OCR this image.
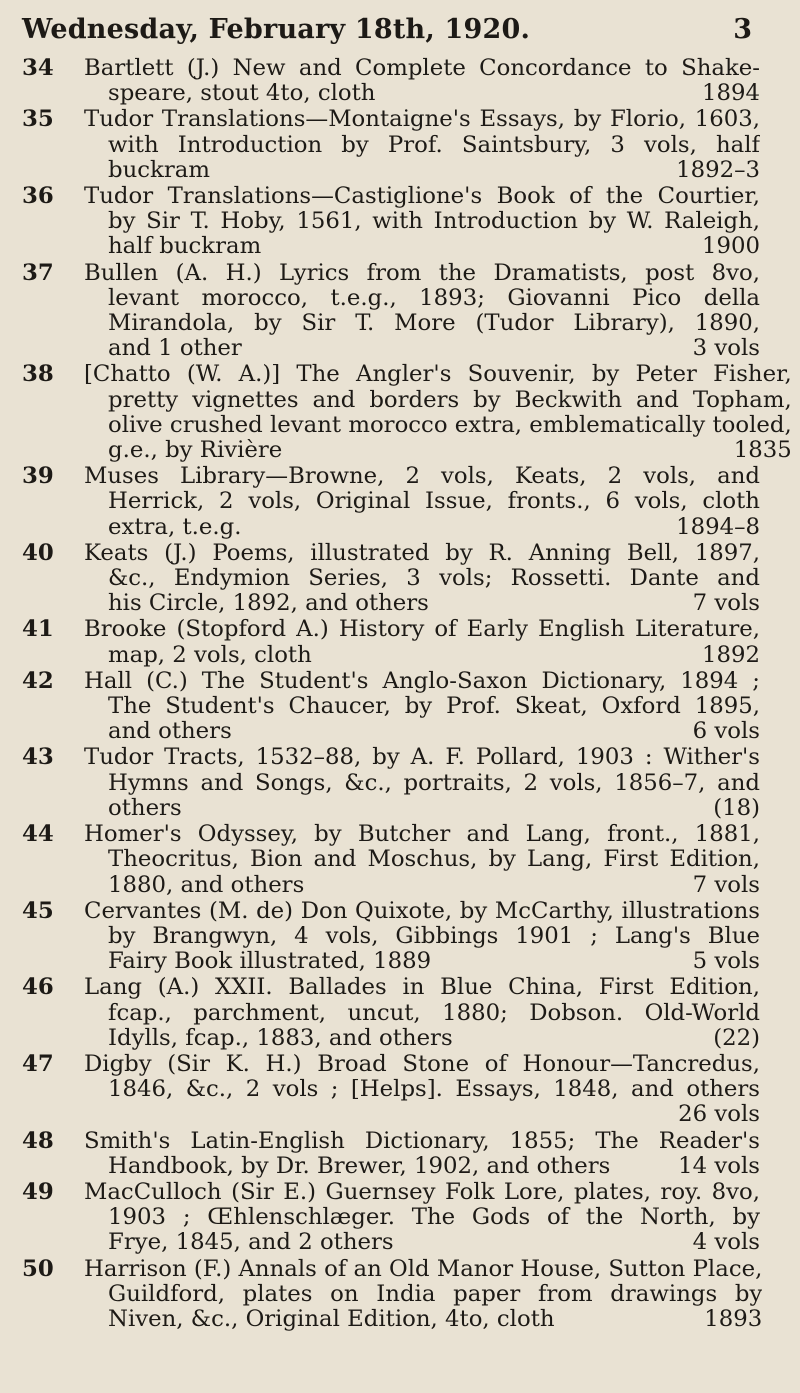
Wednesday, February 18th, 1920.	3
34	Bartlett (J.) New and Complete Concordance to Shake-
speare, stout 4to, cloth	1894
35	Tudor Translations—Montaigne's Essays, by Florio, 1603,
with Introduction by Prof. Saintsbury, 3 vols, half
buckram	1892–3
36	Tudor Translations—Castiglione's Book of the Courtier,
by Sir T. Hoby, 1561, with Introduction by W. Raleigh,
half buckram	1900
37	Bullen (A. H.) Lyrics from the Dramatists, post 8vo,
levant morocco, t.e.g., 1893; Giovanni Pico della
Mirandola, by Sir T. More (Tudor Library), 1890,
and 1 other	3 vols
38	[Chatto (W. A.)] The Angler's Souvenir, by Peter Fisher,
pretty vignettes and borders by Beckwith and Topham,
olive crushed levant morocco extra, emblematically tooled,
g.e., by Rivière	1835
39	Muses Library—Browne, 2 vols, Keats, 2 vols, and
Herrick, 2 vols, Original Issue, fronts., 6 vols, cloth
extra, t.e.g.	1894–8
40	Keats (J.) Poems, illustrated by R. Anning Bell, 1897,
&c., Endymion Series, 3 vols; Rossetti. Dante and
his Circle, 1892, and others	7 vols
41	Brooke (Stopford A.) History of Early English Literature,
map, 2 vols, cloth	1892
42	Hall (C.) The Student's Anglo-Saxon Dictionary, 1894 ;
The Student's Chaucer, by Prof. Skeat, Oxford 1895,
and others	6 vols
43	Tudor Tracts, 1532–88, by A. F. Pollard, 1903 : Wither's
Hymns and Songs, &c., portraits, 2 vols, 1856–7, and
others	(18)
44	Homer's Odyssey, by Butcher and Lang, front., 1881,
Theocritus, Bion and Moschus, by Lang, First Edition,
1880, and others	7 vols
45	Cervantes (M. de) Don Quixote, by McCarthy, illustrations
by Brangwyn, 4 vols, Gibbings 1901 ; Lang's Blue
Fairy Book illustrated, 1889	5 vols
46	Lang (A.) XXII. Ballades in Blue China, First Edition,
fcap., parchment, uncut, 1880; Dobson. Old-World
Idylls, fcap., 1883, and others	(22)
47	Digby (Sir K. H.) Broad Stone of Honour—Tancredus,
1846, &c., 2 vols ; [Helps]. Essays, 1848, and others
26 vols
48	Smith's Latin-English Dictionary, 1855; The Reader's
Handbook, by Dr. Brewer, 1902, and others	14 vols
49	MacCulloch (Sir E.) Guernsey Folk Lore, plates, roy. 8vo,
1903 ; Œhlenschlæger. The Gods of the North, by
Frye, 1845, and 2 others	4 vols
50	Harrison (F.) Annals of an Old Manor House, Sutton Place,
Guildford, plates on India paper from drawings by
Niven, &c., Original Edition, 4to, cloth	1893
